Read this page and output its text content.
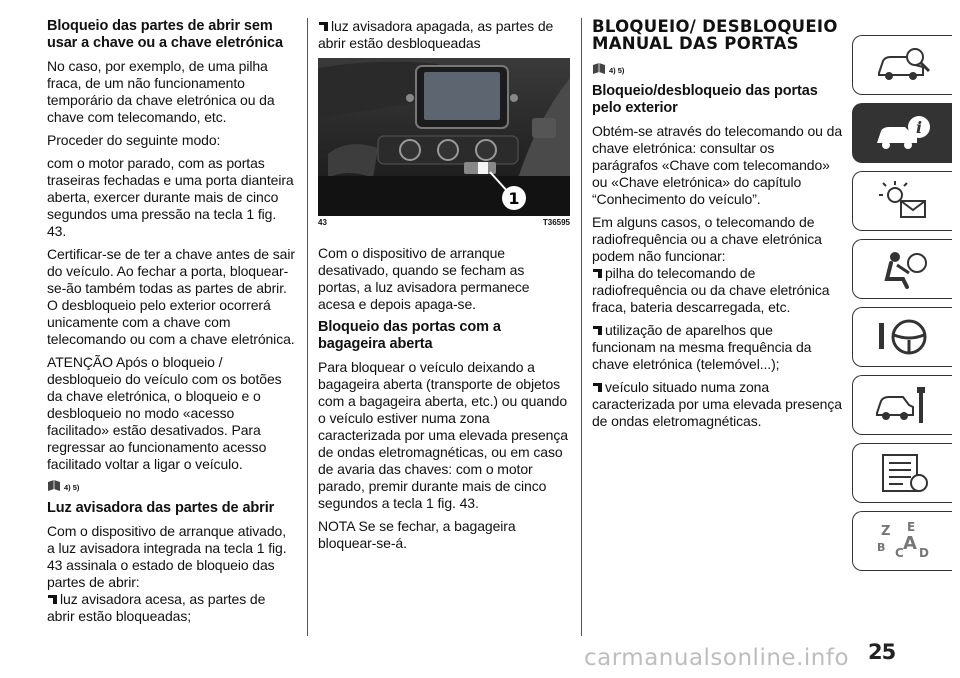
Bloqueio das partes de abrir sem usar a chave ou a chave eletrónica

No caso, por exemplo, de uma pilha fraca, de um não funcionamento temporário da chave eletrónica ou da chave com telecomando, etc.

Proceder do seguinte modo:

com o motor parado, com as portas traseiras fechadas e uma porta dianteira aberta, exercer durante mais de cinco segundos uma pressão na tecla 1 fig. 43.

Certificar-se de ter a chave antes de sair do veículo. Ao fechar a porta, bloquear-se-ão também todas as partes de abrir. O desbloqueio pelo exterior ocorrerá unicamente com a chave com telecomando ou com a chave eletrónica.

ATENÇÃO Após o bloqueio / desbloqueio do veículo com os botões da chave eletrónica, o bloqueio e o desbloqueio no modo «acesso facilitado» estão desativados. Para regressar ao funcionamento acesso facilitado voltar a ligar o veículo.

4) 5)
Luz avisadora das partes de abrir

Com o dispositivo de arranque ativado, a luz avisadora integrada na tecla 1 fig. 43 assinala o estado de bloqueio das partes de abrir:

luz avisadora acesa, as partes de

abrir estão bloqueadas;

luz avisadora apagada, as partes de abrir estão desbloqueadas

1
43	T36595

Com o dispositivo de arranque desativado, quando se fecham as portas, a luz avisadora permanece acesa e depois apaga-se.

Bloqueio das portas com a bagageira aberta

Para bloquear o veículo deixando a bagageira aberta (transporte de objetos com a bagageira aberta, etc.) ou quando o veículo estiver numa zona caracterizada por uma elevada presença de ondas eletromagnéticas, ou em caso de avaria das chaves: com o motor parado, premir durante mais de cinco segundos a tecla 1 fig. 43.

NOTA Se se fechar, a bagageira bloquear-se-á.

BLOQUEIO/ DESBLOQUEIO MANUAL DAS PORTAS
4) 5)
Bloqueio/desbloqueio das portas pelo exterior

Obtém-se através do telecomando ou da chave eletrónica: consultar os parágrafos «Chave com telecomando» ou «Chave eletrónica» do capítulo “Conhecimento do veículo”.

Em alguns casos, o telecomando de radiofrequência ou a chave eletrónica podem não funcionar:

pilha do telecomando de

radiofrequência ou da chave eletrónica fraca, bateria descarregada, etc.

utilização de aparelhos que

funcionam na mesma frequência da chave eletrónica (telemóvel...);

veículo situado numa zona

caracterizada por uma elevada presença de ondas eletromagnéticas.

i
Z E
B C A D
25
carmanualsonline.info
